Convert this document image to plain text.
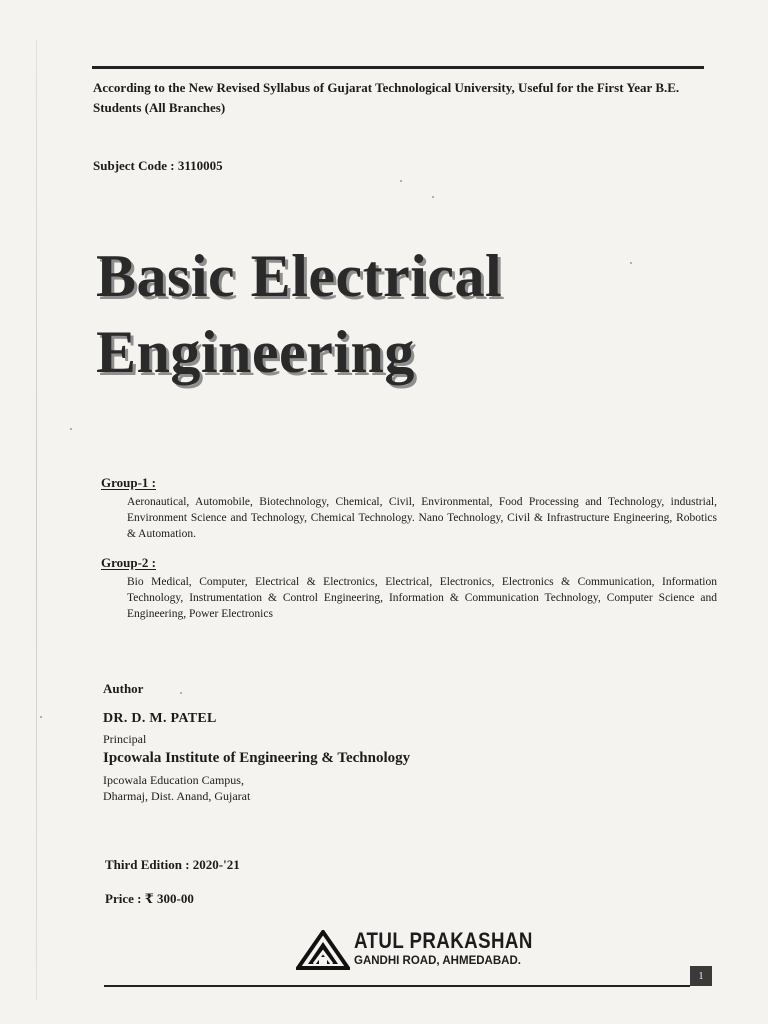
According to the New Revised Syllabus of Gujarat Technological University, Useful for the First Year B.E. Students (All Branches)
Subject Code : 3110005
Basic Electrical
Engineering
Group-1 :
Aeronautical, Automobile, Biotechnology, Chemical, Civil, Environmental, Food Processing and Technology, industrial, Environment Science and Technology, Chemical Technology. Nano Technology, Civil & Infrastructure Engineering, Robotics & Automation.
Group-2 :
Bio Medical, Computer, Electrical & Electronics, Electrical, Electronics, Electronics & Communication, Information Technology, Instrumentation & Control Engineering, Information & Communication Technology, Computer Science and Engineering, Power Electronics
Author
DR. D. M. PATEL
Principal
Ipcowala Institute of Engineering & Technology
Ipcowala Education Campus,
Dharmaj, Dist. Anand, Gujarat
Third Edition : 2020-'21
Price : ₹ 300-00
ATUL PRAKASHAN
GANDHI ROAD, AHMEDABAD.
1
